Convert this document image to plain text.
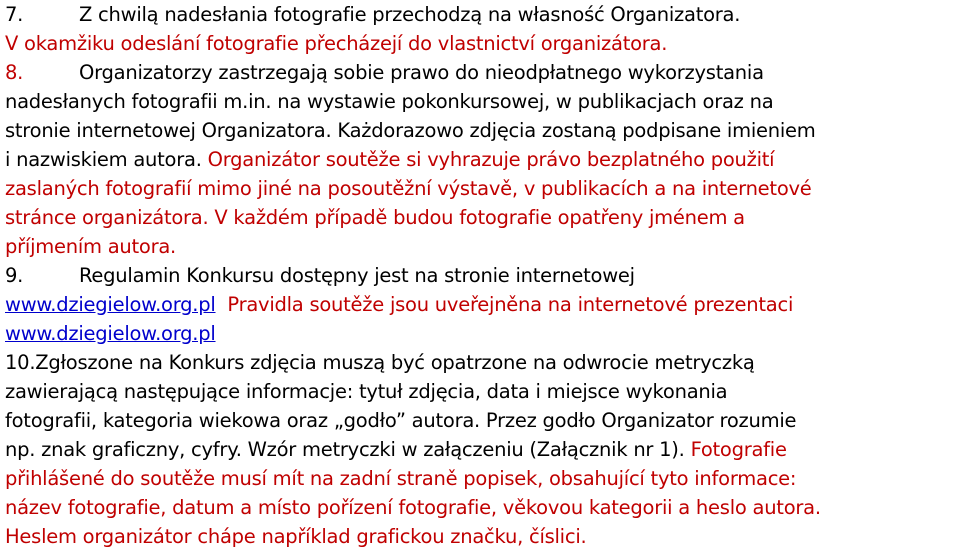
7.	Z chwilą nadesłania fotografie przechodzą na własność Organizatora.
V okamžiku odeslání fotografie přecházejí do vlastnictví organizátora.
8.	Organizatorzy zastrzegają sobie prawo do nieodpłatnego wykorzystania
nadesłanych fotografii m.in. na wystawie pokonkursowej, w publikacjach oraz na
stronie internetowej Organizatora. Każdorazowo zdjęcia zostaną podpisane imieniem
i nazwiskiem autora. Organizátor soutěže si vyhrazuje právo bezplatného použití
zaslaných fotografií mimo jiné na posoutěžní výstavě, v publikacích a na internetové
stránce organizátora. V každém případě budou fotografie opatřeny jménem a
příjmením autora.
9.	Regulamin Konkursu dostępny jest na stronie internetowej
www.dziegielow.org.pl Pravidla soutěže jsou uveřejněna na internetové prezentaci
www.dziegielow.org.pl
10.Zgłoszone na Konkurs zdjęcia muszą być opatrzone na odwrocie metryczką
zawierającą następujące informacje: tytuł zdjęcia, data i miejsce wykonania
fotografii, kategoria wiekowa oraz „godło” autora. Przez godło Organizator rozumie
np. znak graficzny, cyfry. Wzór metryczki w załączeniu (Załącznik nr 1). Fotografie
přihlášené do soutěže musí mít na zadní straně popisek, obsahující tyto informace:
název fotografie, datum a místo pořízení fotografie, věkovou kategorii a heslo autora.
Heslem organizátor chápe například grafickou značku, číslici.
